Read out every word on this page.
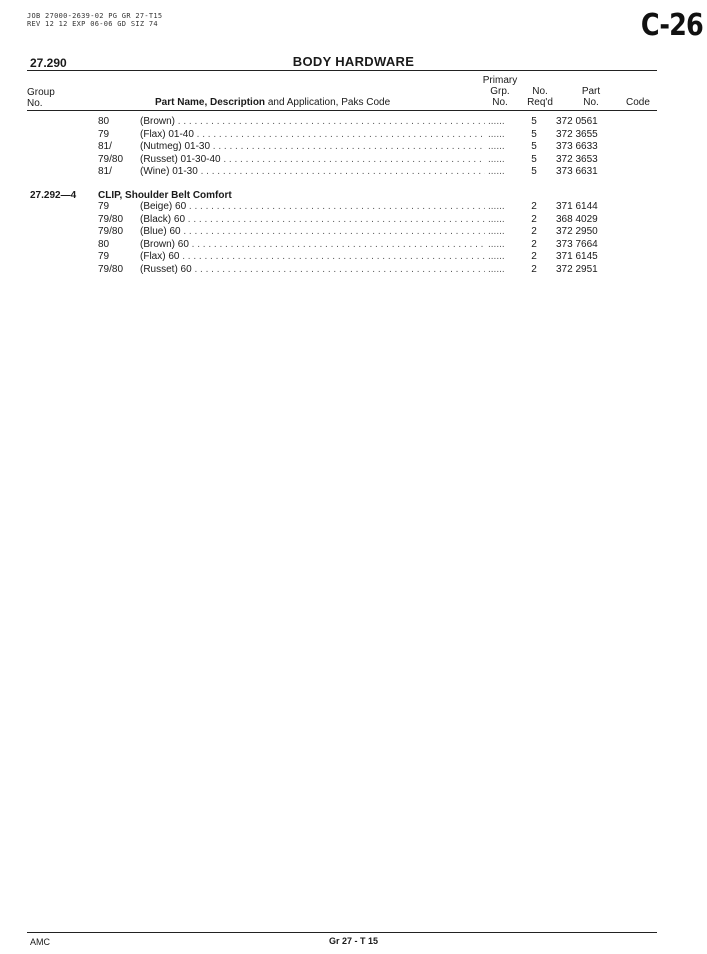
JOB 27000-2639-02 PG GR 27-T15
REV 12 12 EXP 06-06 GD SIZ 74	C-26
27.290	BODY HARDWARE
Group
No.	Part Name, Description and Application, Paks Code
Primary
Grp.
No.
No.
Req'd
Part
No.	Code
80	(Brown) . . .	......	5	372 0561
79	(Flax) 01-40 . . .	......	5	372 3655
81/	(Nutmeg) 01-30 . . .	......	5	373 6633
79/80	(Russet) 01-30-40 . . .	......	5	372 3653
81/	(Wine) 01-30 . . .	......	5	373 6631
27.292—4 CLIP, Shoulder Belt Comfort
79	(Beige) 60 . . .	......	2	371 6144
79/80	(Black) 60 . . .	......	2	368 4029
79/80	(Blue) 60 . . .	......	2	372 2950
80	(Brown) 60 . . .	......	2	373 7664
79	(Flax) 60 . . .	......	2	371 6145
79/80	(Russet) 60 . . .	......	2	372 2951
AMC	Gr 27 - T 15
